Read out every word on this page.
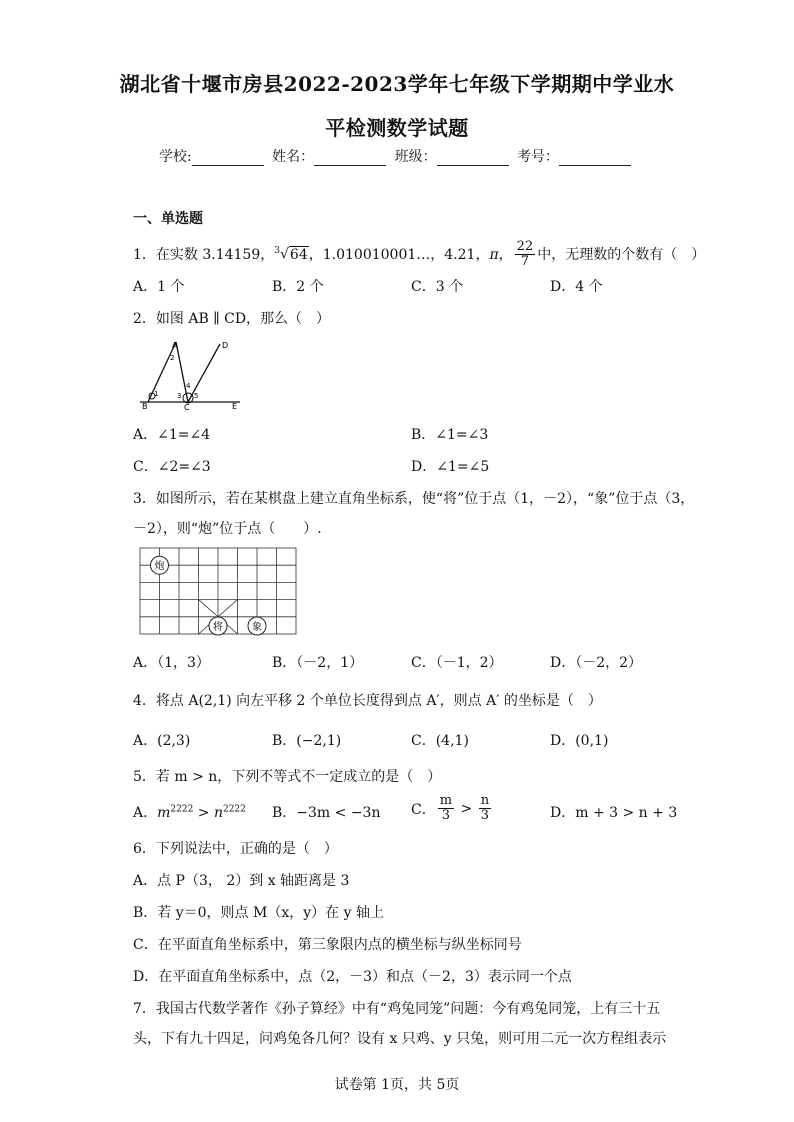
湖北省十堰市房县2022-2023学年七年级下学期期中学业水
平检测数学试题
学校:	姓名：	班级：	考号：
一、单选题
1．在实数 3.14159，$^3$√64，1.010010001…，4.21，π， $\frac{22}{7}$ 中，无理数的个数有（　）
A．1 个	B．2 个	C．3 个	D．4 个
2．如图 AB ∥ CD，那么（　）
A	D
B	C	E
1
2
3
4
5
A．∠1=∠4	B．∠1=∠3
C．∠2=∠3	D．∠1=∠5
3．如图所示，若在某棋盘上建立直角坐标系，使“将”位于点（1，－2），“象”位于点（3，
－2），则“炮”位于点（　　）.
炮
将	象
A．（1，3）	B．（－2，1）	C．（－1，2）	D．（－2，2）
4．将点 A(2,1) 向左平移 2 个单位长度得到点 A′，则点 A′ 的坐标是（　）
A．(2,3)	B．(−2,1)	C．(4,1)	D．(0,1)
5．若 m > n，下列不等式不一定成立的是（　）
A．$m^{2222} > n^{2222}$ B．−3m < −3n C． $\frac{m}{3} > \frac{n}{3}$	D．m + 3 > n + 3
6．下列说法中，正确的是（　）
A．点 P（3， 2）到 x 轴距离是 3
B．若 y＝0，则点 M（x，y）在 y 轴上
C．在平面直角坐标系中，第三象限内点的横坐标与纵坐标同号
D．在平面直角坐标系中，点（2，－3）和点（－2，3）表示同一个点
7．我国古代数学著作《孙子算经》中有“鸡兔同笼”问题：今有鸡兔同笼，上有三十五
头，下有九十四足，问鸡兔各几何？设有 x 只鸡、y 只兔，则可用二元一次方程组表示
试卷第 1页，共 5页
